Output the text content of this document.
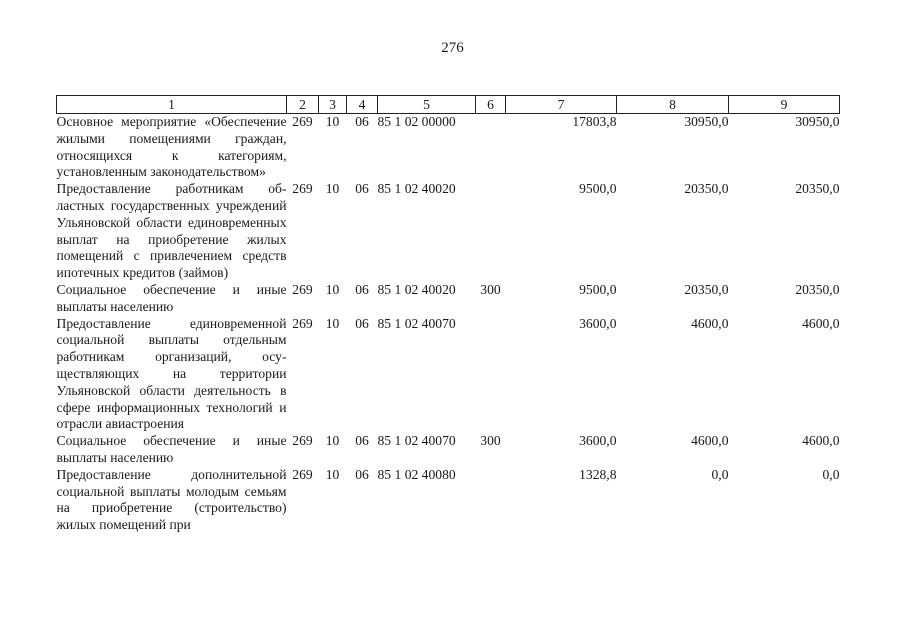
276
1	2	3	4	5	6	7	8	9
Основное мероприятие «Обеспечение жилыми помещениями граждан, относящихся к категориям, установленным законодательством»	269	10	06	85 1 02 00000		17803,8	30950,0	30950,0
Предоставление работникам областных государственных учреждений Ульяновской области единовременных выплат на приобретение жилых помещений с привлечением средств ипотечных кредитов (займов)	269	10	06	85 1 02 40020		9500,0	20350,0	20350,0
Социальное обеспечение и иные выплаты населению	269	10	06	85 1 02 40020	300	9500,0	20350,0	20350,0
Предоставление единовременной социальной выплаты отдельным работникам организаций, осуществляющих на территории Ульяновской области деятельность в сфере информационных технологий и отрасли авиастроения	269	10	06	85 1 02 40070		3600,0	4600,0	4600,0
Социальное обеспечение и иные выплаты населению	269	10	06	85 1 02 40070	300	3600,0	4600,0	4600,0
Предоставление дополнительной социальной выплаты молодым семьям на приобретение (строительство) жилых помещений при	269	10	06	85 1 02 40080		1328,8	0,0	0,0
